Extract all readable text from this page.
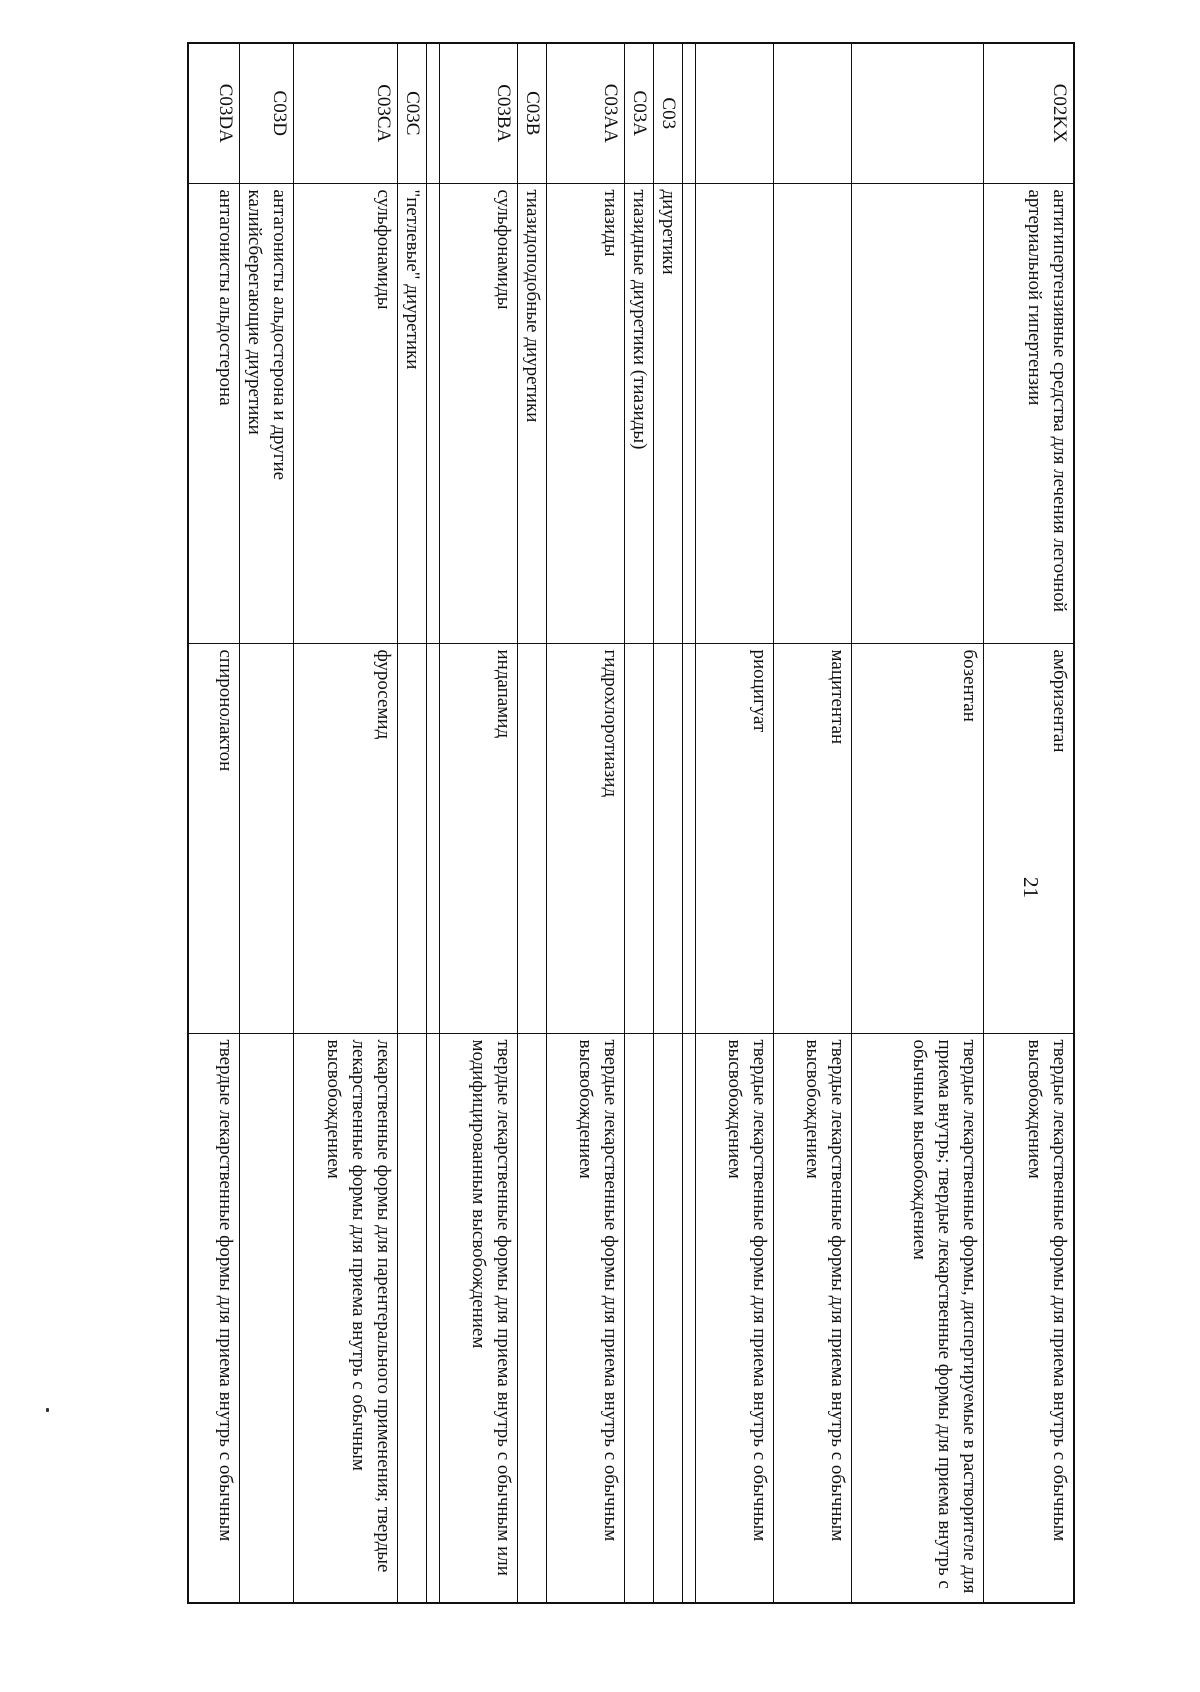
C02KX	антигипертензивные средства для лечения легочной артериальной гипертензии	амбризентан	твердые лекарственные формы для приема внутрь с обычным высвобождением
		бозентан	твердые лекарственные формы, диспергируемые в растворителе для приема внутрь; твердые лекарственные формы для приема внутрь с обычным высвобождением
		мацитентан	твердые лекарственные формы для приема внутрь с обычным высвобождением
		риоцигуат	твердые лекарственные формы для приема внутрь с обычным высвобождением

C03	диуретики		
C03A	тиазидные диуретики (тиазиды)		
C03AA	тиазиды	гидрохлоротиазид	твердые лекарственные формы для приема внутрь с обычным высвобождением
C03B	тиазидоподобные диуретики		
C03BA	сульфонамиды	индапамид	твердые лекарственные формы для приема внутрь с обычным или модифицированным высвобождением

C03C	"петлевые" диуретики		
C03CA	сульфонамиды	фуросемид	лекарственные формы для парентерального применения; твердые лекарственные формы для приема внутрь с обычным высвобождением
C03D	антагонисты альдостерона и другие калийсберегающие диуретики		
C03DA	антагонисты альдостерона	спиронолактон	твердые лекарственные формы для приема внутрь с обычным
21
